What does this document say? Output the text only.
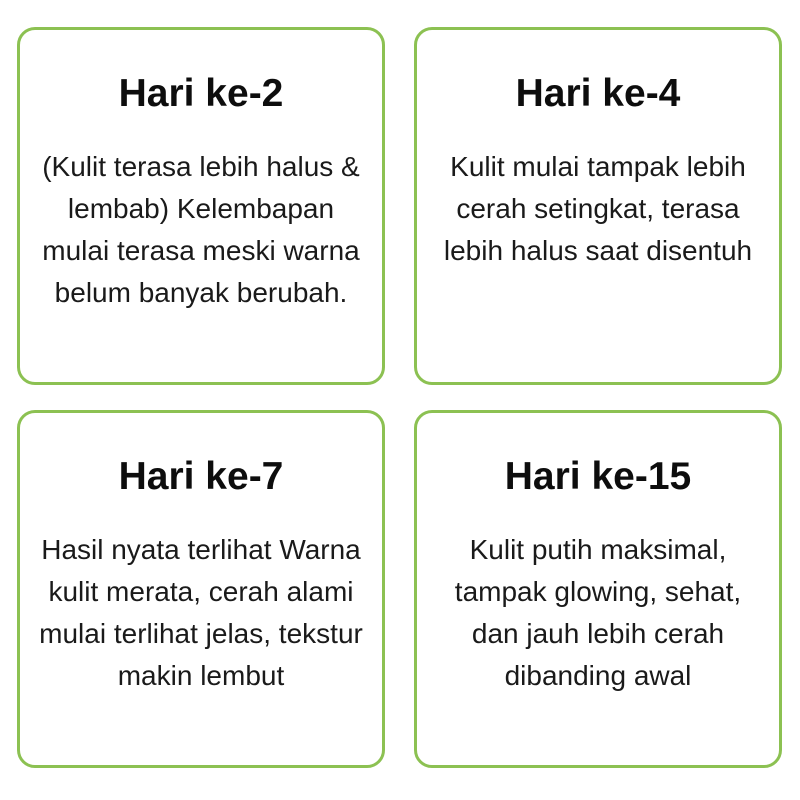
Hari ke-2

(Kulit terasa lebih halus & lembab) Kelembapan mulai terasa meski warna belum banyak berubah.

Hari ke-4

Kulit mulai tampak lebih cerah setingkat, terasa lebih halus saat disentuh

Hari ke-7

Hasil nyata terlihat Warna kulit merata, cerah alami mulai terlihat jelas, tekstur makin lembut

Hari ke-15

Kulit putih maksimal, tampak glowing, sehat, dan jauh lebih cerah dibanding awal
